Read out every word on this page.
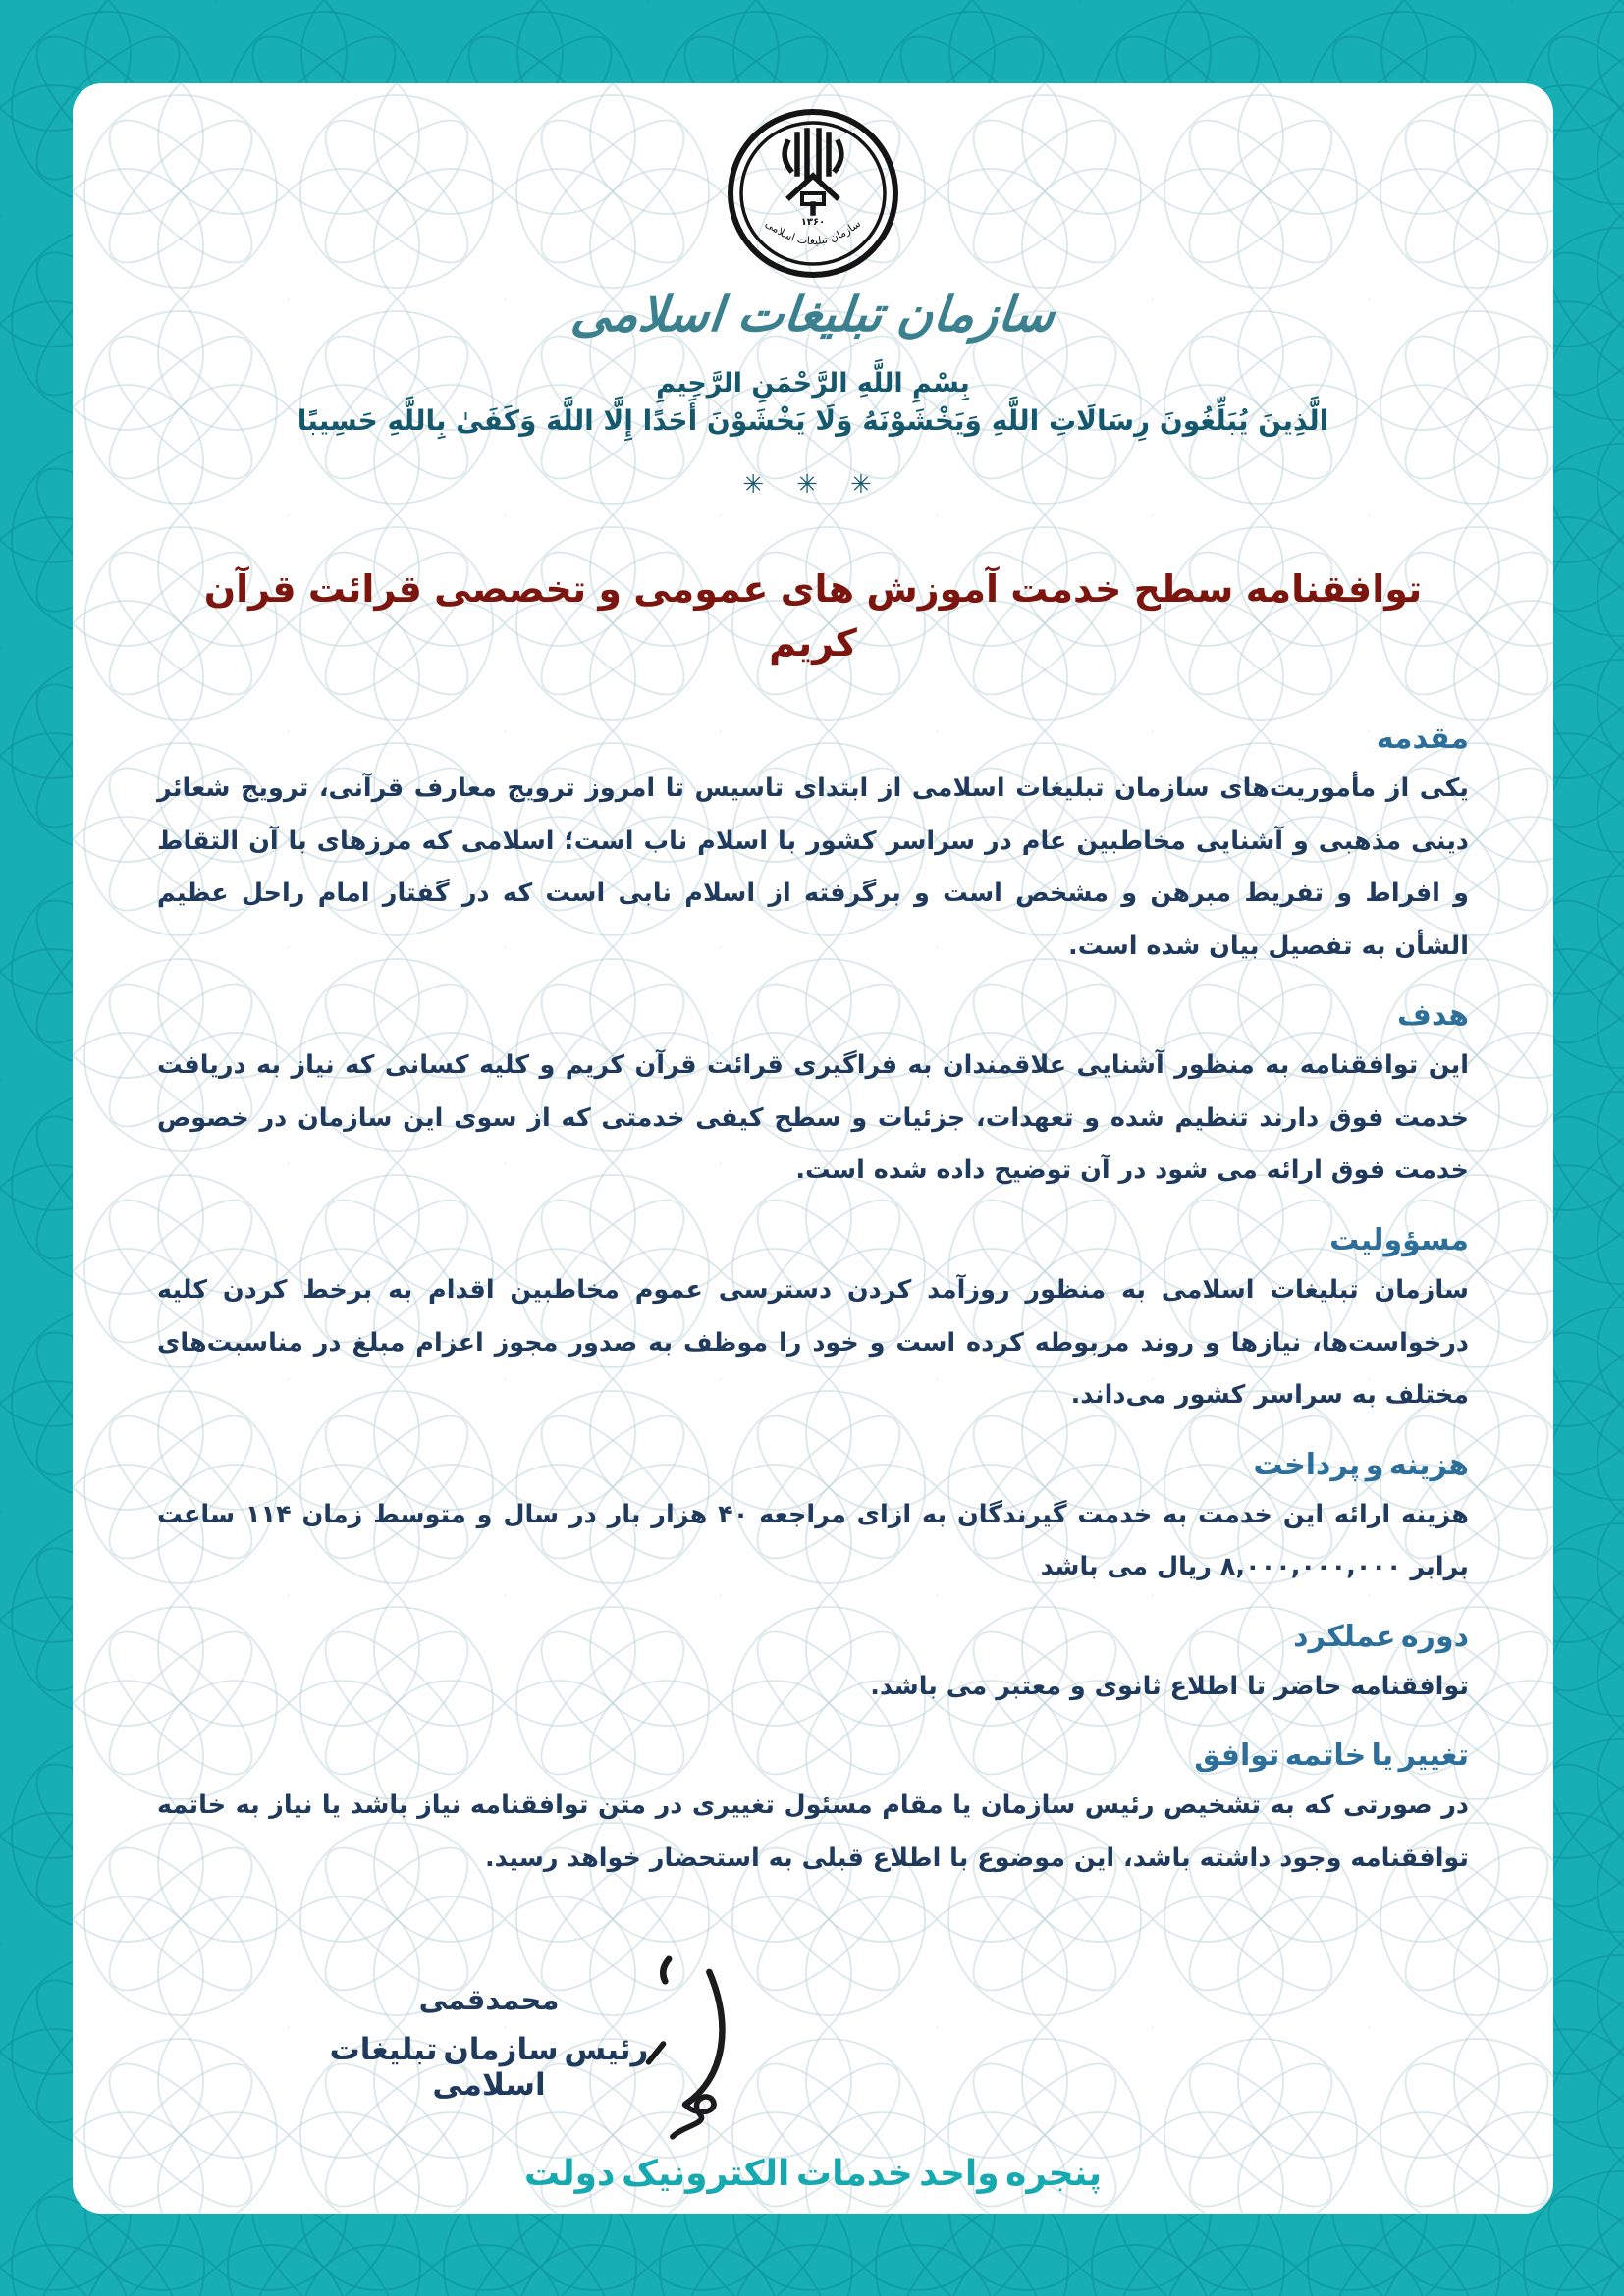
۱۳۶۰
سازمان تبلیغات اسلامی
سازمان تبلیغات اسلامی
بِسْمِ اللَّهِ الرَّحْمَنِ الرَّحِيمِ
الَّذِينَ يُبَلِّغُونَ رِسَالَاتِ اللَّهِ وَيَخْشَوْنَهُ وَلَا يَخْشَوْنَ أَحَدًا إِلَّا اللَّهَ وَكَفَىٰ بِاللَّهِ حَسِيبًا
✳ ✳ ✳
توافقنامه سطح خدمت آموزش های عمومی و تخصصی قرائت قرآن کریم
مقدمه

یکی از مأموریت‌های سازمان تبلیغات اسلامی از ابتدای تاسیس تا امروز ترویج معارف قرآنی، ترویج شعائر دینی مذهبی و آشنایی مخاطبین عام در سراسر کشور با اسلام ناب است؛ اسلامی که مرزهای با آن التقاط و افراط و تفریط مبرهن و مشخص است و برگرفته از اسلام نابی است که در گفتار امام راحل عظیم الشأن به تفصیل بیان شده است.

هدف

این توافقنامه به منظور آشنایی علاقمندان به فراگیری قرائت قرآن کریم و کلیه کسانی که نیاز به دریافت خدمت فوق دارند تنظیم شده و تعهدات، جزئیات و سطح کیفی خدمتی که از سوی این سازمان در خصوص خدمت فوق ارائه می شود در آن توضیح داده شده است.

مسؤولیت

سازمان تبلیغات اسلامی به منظور روزآمد کردن دسترسی عموم مخاطبین اقدام به برخط کردن کلیه درخواست‌ها، نیازها و روند مربوطه کرده است و خود را موظف به صدور مجوز اعزام مبلغ در مناسبت‌های مختلف به سراسر کشور می‌داند.

هزینه و پرداخت

هزینه ارائه این خدمت به خدمت گیرندگان به ازای مراجعه ۴۰ هزار بار در سال و متوسط زمان ۱۱۴ ساعت برابر ۸,۰۰۰,۰۰۰,۰۰۰ ریال می باشد

دوره عملکرد

توافقنامه حاضر تا اطلاع ثانوی و معتبر می باشد.

تغییر یا خاتمه توافق

در صورتی که به تشخیص رئیس سازمان یا مقام مسئول تغییری در متن توافقنامه نیاز باشد یا نیاز به خاتمه توافقنامه وجود داشته باشد، این موضوع با اطلاع قبلی به استحضار خواهد رسید.

محمدقمی
رئیس سازمان تبلیغات اسلامی
پنجره واحد خدمات الکترونیک دولت
